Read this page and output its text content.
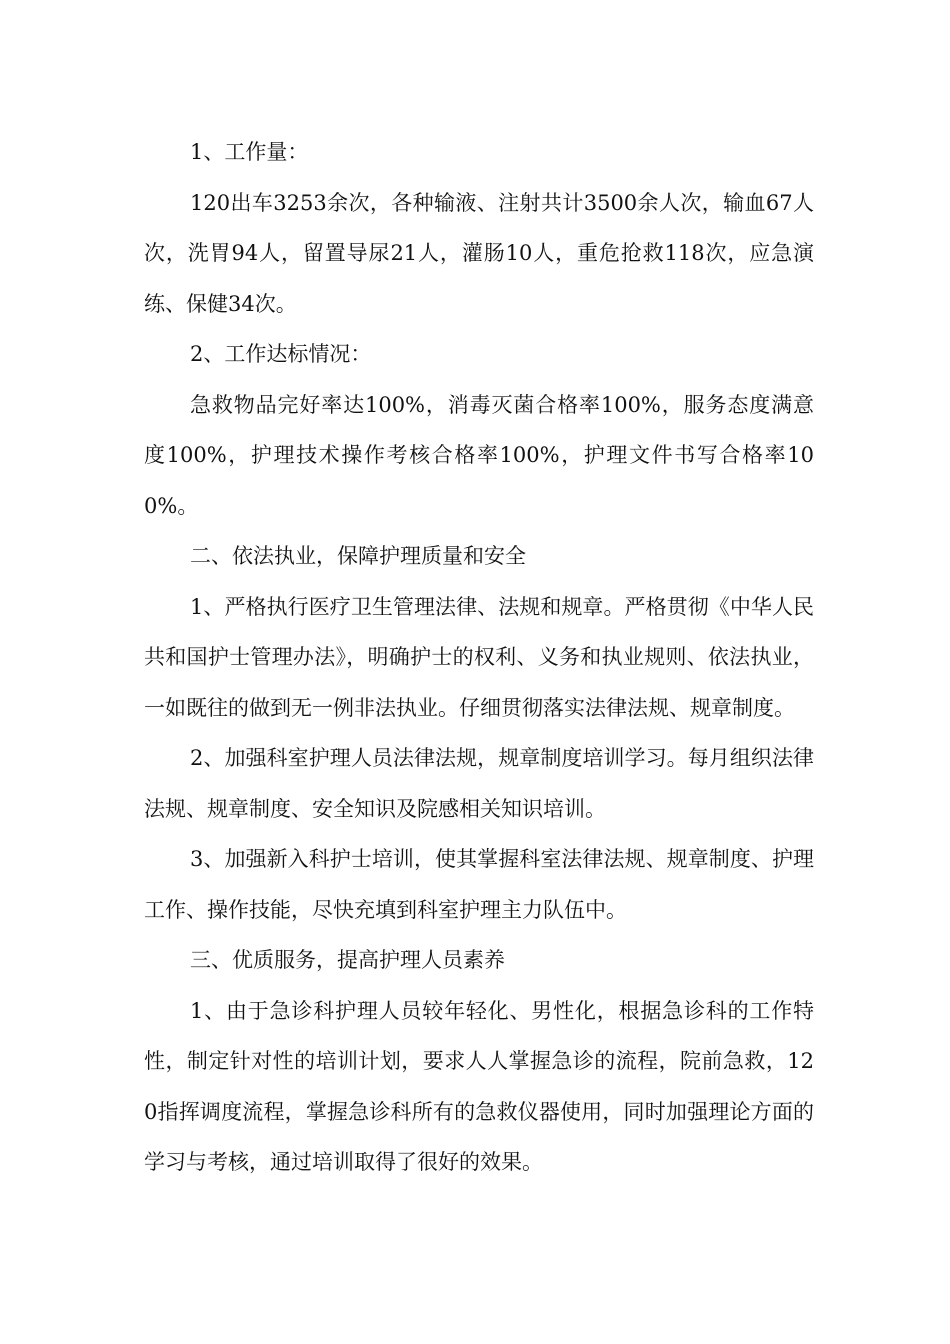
1、工作量：

120出车3253余次，各种输液、注射共计3500余人次，输血67人次，洗胃94人，留置导尿21人，灌肠10人，重危抢救118次，应急演练、保健34次。

2、工作达标情况：

急救物品完好率达100%，消毒灭菌合格率100%，服务态度满意度100%，护理技术操作考核合格率100%，护理文件书写合格率100%。

二、依法执业，保障护理质量和安全

1、严格执行医疗卫生管理法律、法规和规章。严格贯彻《中华人民共和国护士管理办法》，明确护士的权利、义务和执业规则、依法执业，一如既往的做到无一例非法执业。仔细贯彻落实法律法规、规章制度。

2、加强科室护理人员法律法规，规章制度培训学习。每月组织法律法规、规章制度、安全知识及院感相关知识培训。

3、加强新入科护士培训，使其掌握科室法律法规、规章制度、护理工作、操作技能，尽快充填到科室护理主力队伍中。

三、优质服务，提高护理人员素养

1、由于急诊科护理人员较年轻化、男性化，根据急诊科的工作特性，制定针对性的培训计划，要求人人掌握急诊的流程，院前急救，120指挥调度流程，掌握急诊科所有的急救仪器使用，同时加强理论方面的学习与考核，通过培训取得了很好的效果。
